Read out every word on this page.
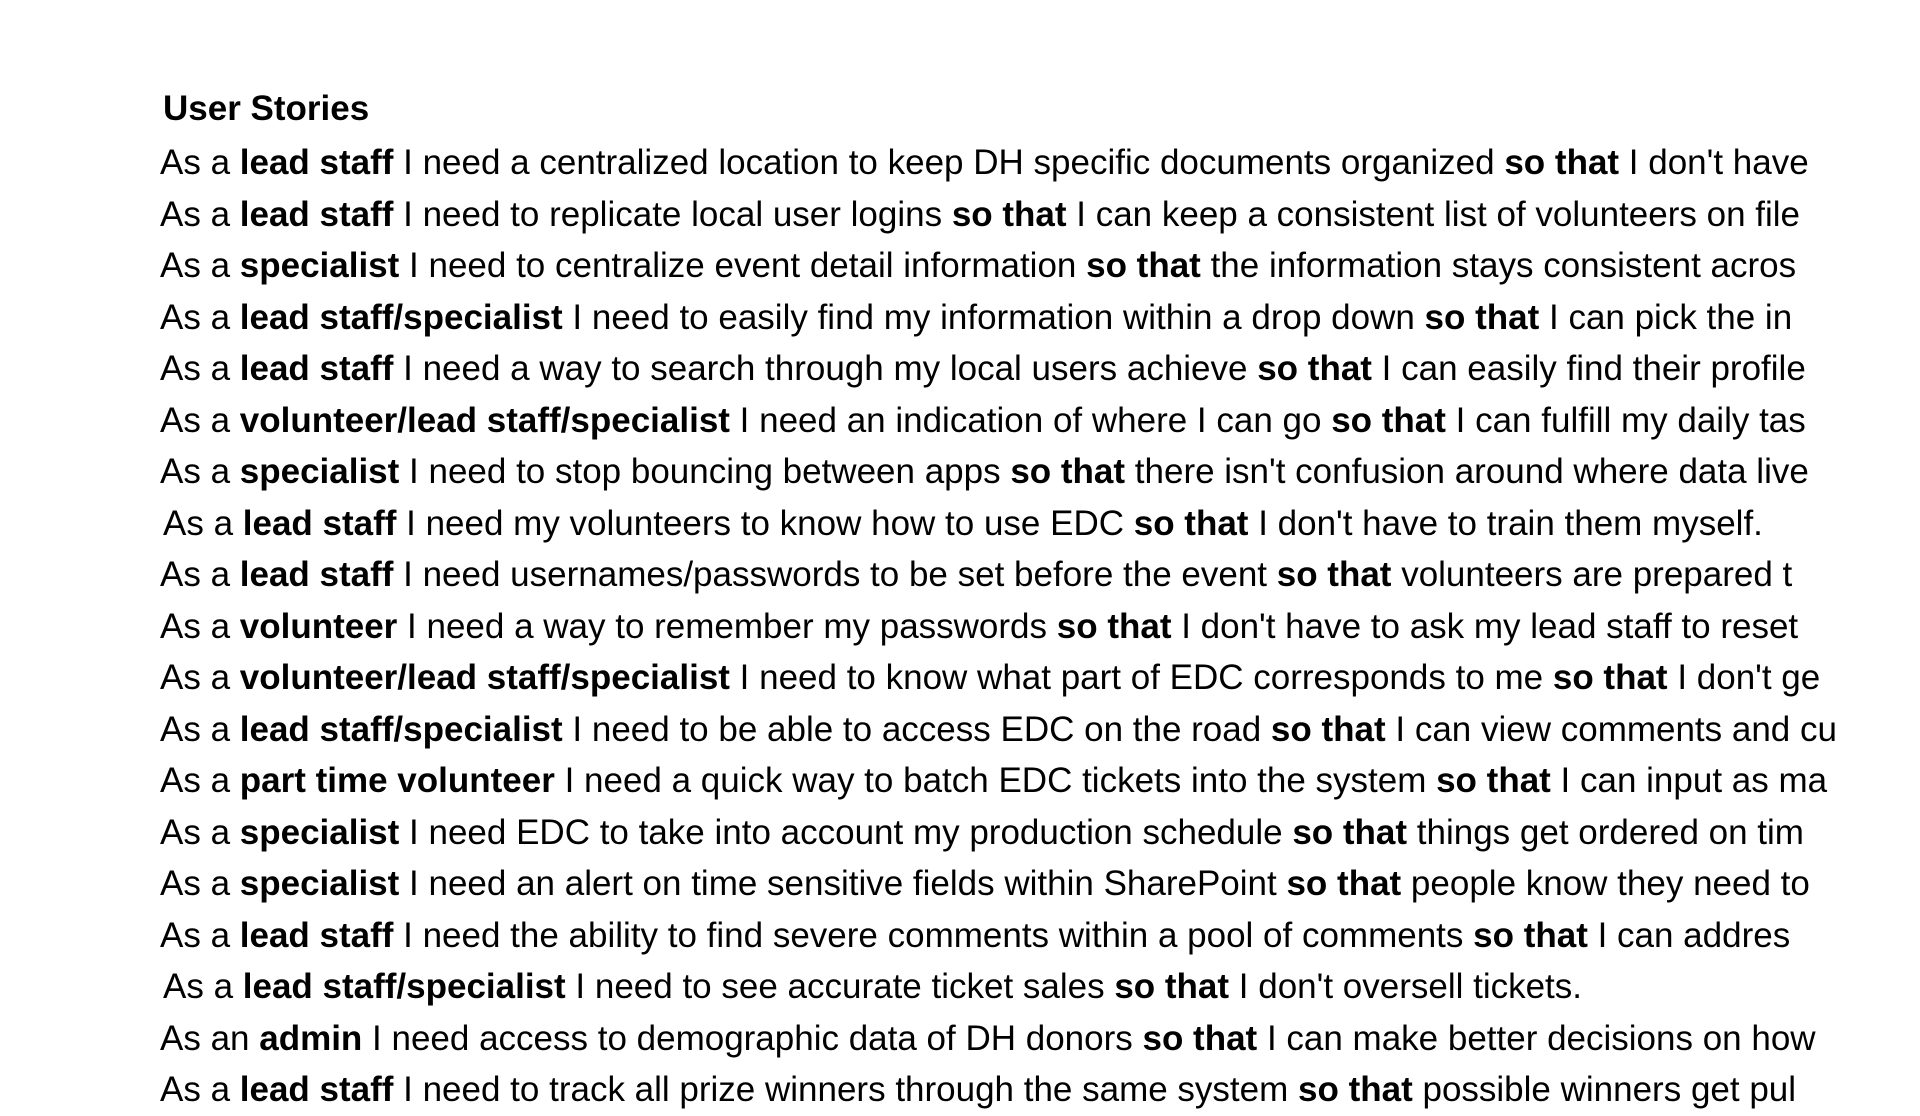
User Stories
As a lead staff I need a centralized location to keep DH specific documents organized so that I don't have
As a lead staff I need to replicate local user logins so that I can keep a consistent list of volunteers on file
As a specialist I need to centralize event detail information so that the information stays consistent acros
As a lead staff/specialist I need to easily find my information within a drop down so that I can pick the in
As a lead staff I need a way to search through my local users achieve so that I can easily find their profile
As a volunteer/lead staff/specialist I need an indication of where I can go so that I can fulfill my daily tas
As a specialist I need to stop bouncing between apps so that there isn't confusion around where data live
As a lead staff I need my volunteers to know how to use EDC so that I don't have to train them myself.
As a lead staff I need usernames/passwords to be set before the event so that volunteers are prepared t
As a volunteer I need a way to remember my passwords so that I don't have to ask my lead staff to reset
As a volunteer/lead staff/specialist I need to know what part of EDC corresponds to me so that I don't ge
As a lead staff/specialist I need to be able to access EDC on the road so that I can view comments and cu
As a part time volunteer I need a quick way to batch EDC tickets into the system so that I can input as ma
As a specialist I need EDC to take into account my production schedule so that things get ordered on tim
As a specialist I need an alert on time sensitive fields within SharePoint so that people know they need to
As a lead staff I need the ability to find severe comments within a pool of comments so that I can addres
As a lead staff/specialist I need to see accurate ticket sales so that I don't oversell tickets.
As an admin I need access to demographic data of DH donors so that I can make better decisions on how
As a lead staff I need to track all prize winners through the same system so that possible winners get pul
